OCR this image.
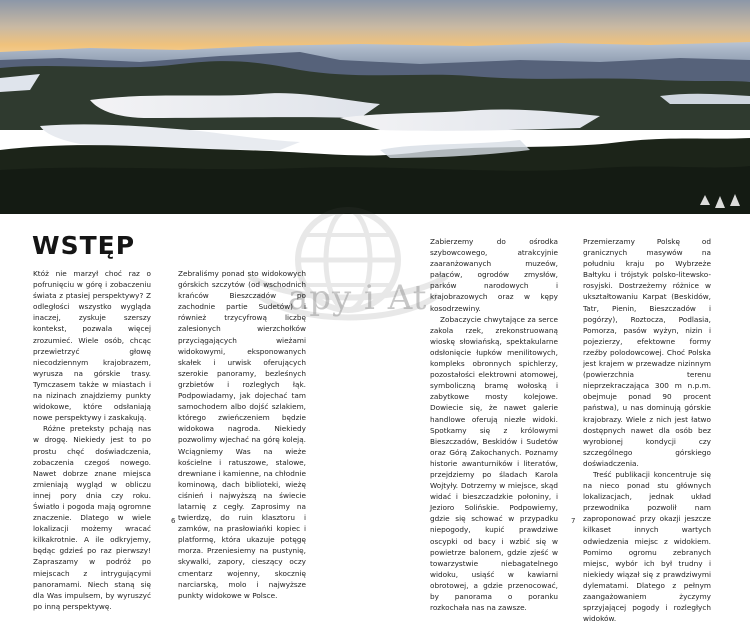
apy i At
WSTĘP

Któż nie marzył choć raz o pofrunięciu w górę i zobaczeniu świata z ptasiej perspektywy? Z odległości wszystko wygląda inaczej, zyskuje szerszy kontekst, pozwala więcej zrozumieć. Wiele osób, chcąc przewietrzyć głowę niecodziennym krajobrazem, wyrusza na górskie trasy. Tymczasem także w miastach i na nizinach znajdziemy punkty widokowe, które odsłaniają nowe perspektywy i zaskakują.

Różne preteksty pchają nas w drogę. Niekiedy jest to po prostu chęć doświadczenia, zobaczenia czegoś nowego. Nawet dobrze znane miejsca zmieniają wygląd w obliczu innej pory dnia czy roku. Światło i pogoda mają ogromne znaczenie. Dlatego w wiele lokalizacji możemy wracać kilkakrotnie. A ile odkryjemy, będąc gdzieś po raz pierwszy! Zapraszamy w podróż po miejscach z intrygującymi panoramami. Niech staną się dla Was impulsem, by wyruszyć po inną perspektywę.

Zebraliśmy ponad sto widokowych górskich szczytów (od wschodnich krańców Bieszczadów po zachodnie partie Sudetów) i również trzycyfrową liczbę zalesionych wierzchołków przyciągających wieżami widokowymi, eksponowanych skałek i urwisk oferujących szerokie panoramy, bezleśnych grzbietów i rozległych łąk. Podpowiadamy, jak dojechać tam samochodem albo dojść szlakiem, którego zwieńczeniem będzie widokowa nagroda. Niekiedy pozwolimy wjechać na górę koleją. Wciągniemy Was na wieże kościelne i ratuszowe, stalowe, drewniane i kamienne, na chłodnie kominową, dach biblioteki, wieżę ciśnień i najwyższą na świecie latarnię z cegły. Zaprosimy na twierdzę, do ruin klasztoru i zamków, na prasłowiańki kopiec i platformę, która ukazuje potęgę morza. Przeniesiemy na pustynię, skywalki, zapory, cieszący oczy cmentarz wojenny, skocznię narciarską, molo i najwyższe punkty widokowe w Polsce.

Zabierzemy do ośrodka szybowcowego, atrakcyjnie zaaranżowanych muzeów, pałaców, ogrodów zmysłów, parków narodowych i krajobrazowych oraz w kępy kosodrzewiny.

Zobaczycie chwytające za serce zakola rzek, zrekonstruowaną wioskę słowiańską, spektakularne odsłonięcie łupków menilitowych, kompleks obronnych spichlerzy, pozostałości elektrowni atomowej, symboliczną bramę wołoską i zabytkowe mosty kolejowe. Dowiecie się, że nawet galerie handlowe oferują niezłe widoki. Spotkamy się z królowymi Bieszczadów, Beskidów i Sudetów oraz Górą Zakochanych. Poznamy historie awanturników i literatów, przejdziemy po śladach Karola Wojtyły. Dotrzemy w miejsce, skąd widać i bieszczadzkie połoniny, i Jezioro Solińskie. Podpowiemy, gdzie się schować w przypadku niepogody, kupić prawdziwe oscypki od bacy i wzbić się w powietrze balonem, gdzie zjeść w towarzystwie niebagatelnego widoku, usiąść w kawiarni obrotowej, a gdzie przenocować, by panorama o poranku rozkochała nas na zawsze.

Przemierzamy Polskę od granicznych masywów na południu kraju po Wybrzeże Bałtyku i trójstyk polsko-litewsko-rosyjski. Dostrzeżemy różnice w ukształtowaniu Karpat (Beskidów, Tatr, Pienin, Bieszczadów i pogórzy), Roztocza, Podlasia, Pomorza, pasów wyżyn, nizin i pojezierzy, efektowne formy rzeźby polodowcowej. Choć Polska jest krajem w przewadze nizinnym (powierzchnia terenu nieprzekraczająca 300 m n.p.m. obejmuje ponad 90 procent państwa), u nas dominują górskie krajobrazy. Wiele z nich jest łatwo dostępnych nawet dla osób bez wyrobionej kondycji czy szczególnego górskiego doświadczenia.

Treść publikacji koncentruje się na nieco ponad stu głównych lokalizacjach, jednak układ przewodnika pozwolił nam zaproponować przy okazji jeszcze kilkaset innych wartych odwiedzenia miejsc z widokiem. Pomimo ogromu zebranych miejsc, wybór ich był trudny i niekiedy wiązał się z prawdziwymi dylematami. Dlatego z pełnym zaangażowaniem życzymy sprzyjającej pogody i rozległych widoków.

6	7
